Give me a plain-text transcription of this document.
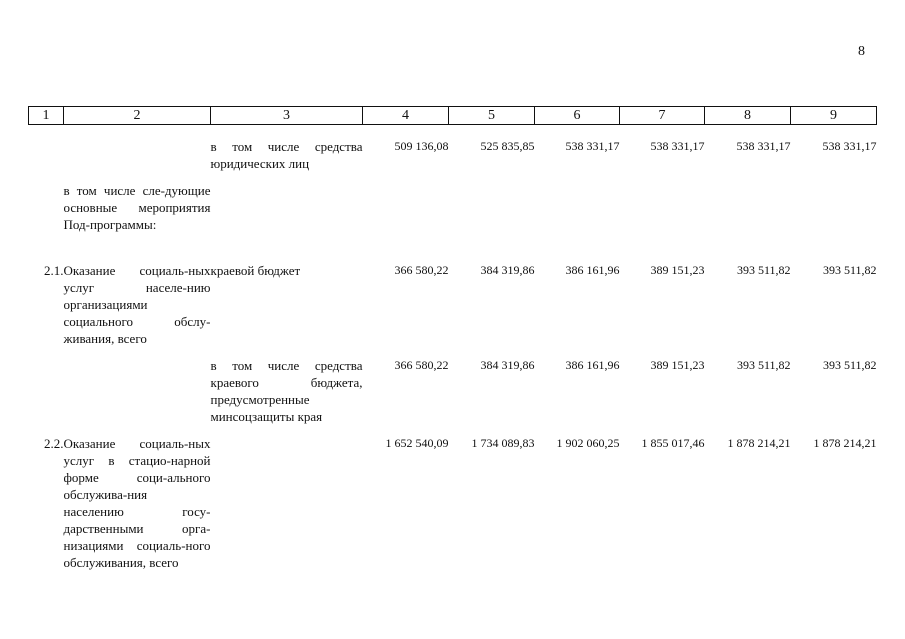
8
1	2	3	4	5	6	7	8	9
		в том числе средства юридических лиц	509 136,08	525 835,85	538 331,17	538 331,17	538 331,17	538 331,17
	в том числе сле-дующие основные мероприятия Под-программы:							
2.1.	Оказание социаль-ных услуг населе-нию организациями социального обслу-живания, всего	краевой бюджет	366 580,22	384 319,86	386 161,96	389 151,23	393 511,82	393 511,82
		в том числе средства краевого бюджета, предусмотренные минсоцзащиты края	366 580,22	384 319,86	386 161,96	389 151,23	393 511,82	393 511,82
2.2.	Оказание социаль-ных услуг в стацио-нарной форме соци-ального обслужива-ния населению госу-дарственными орга-низациями социаль-ного обслуживания, всего		1 652 540,09	1 734 089,83	1 902 060,25	1 855 017,46	1 878 214,21	1 878 214,21
